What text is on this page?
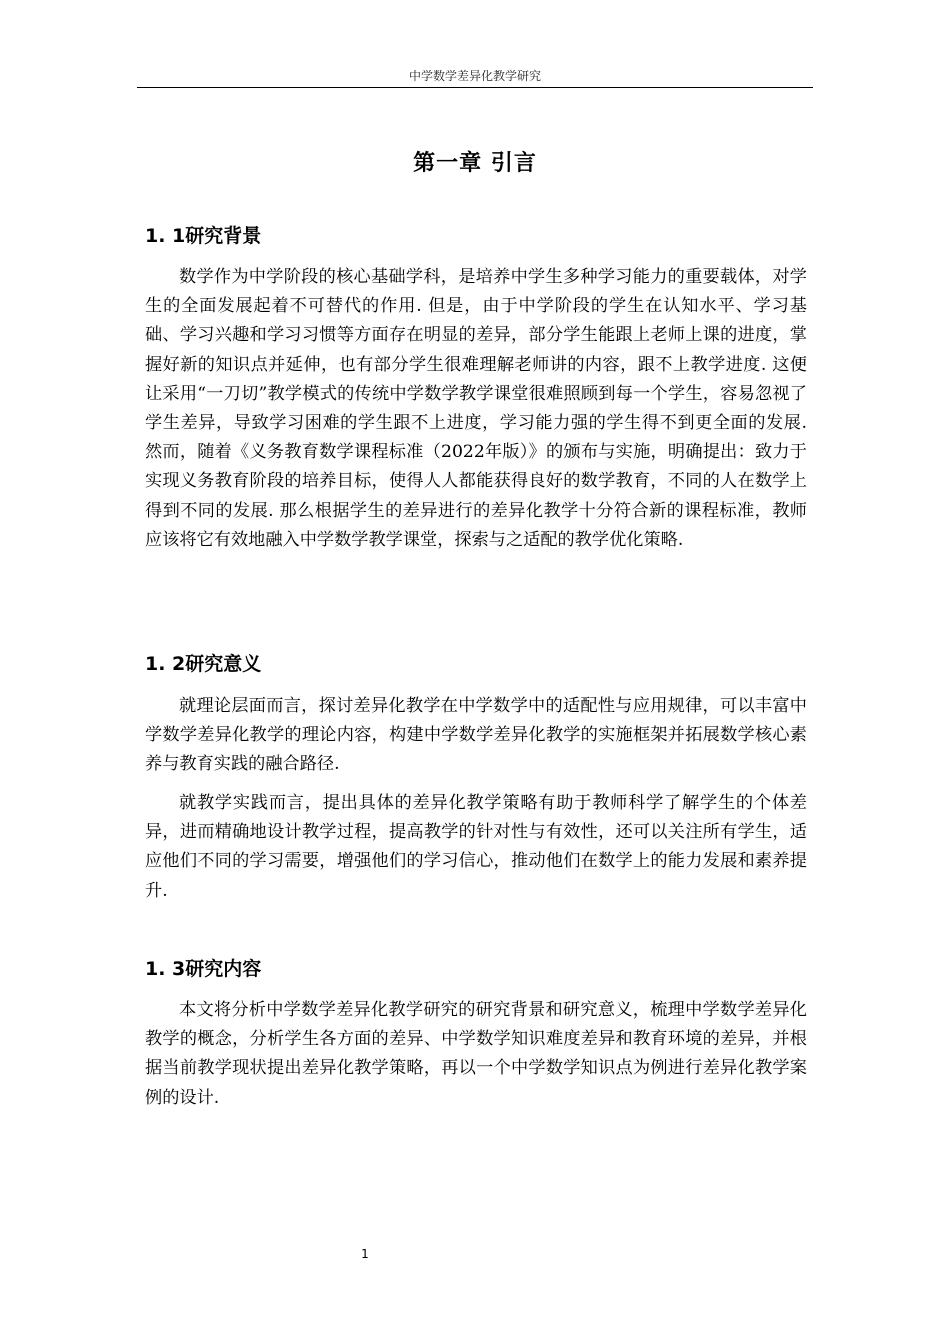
中学数学差异化教学研究
第一章 引言
1. 1研究背景

数学作为中学阶段的核心基础学科，是培养中学生多种学习能力的重要载体，对学生的全面发展起着不可替代的作用. 但是，由于中学阶段的学生在认知水平、学习基础、学习兴趣和学习习惯等方面存在明显的差异，部分学生能跟上老师上课的进度，掌握好新的知识点并延伸，也有部分学生很难理解老师讲的内容，跟不上教学进度. 这便让采用“一刀切”教学模式的传统中学数学教学课堂很难照顾到每一个学生，容易忽视了学生差异，导致学习困难的学生跟不上进度，学习能力强的学生得不到更全面的发展. 然而，随着《义务教育数学课程标准（2022年版）》的颁布与实施，明确提出：致力于实现义务教育阶段的培养目标，使得人人都能获得良好的数学教育，不同的人在数学上得到不同的发展. 那么根据学生的差异进行的差异化教学十分符合新的课程标准，教师应该将它有效地融入中学数学教学课堂，探索与之适配的教学优化策略.

1. 2研究意义

就理论层面而言，探讨差异化教学在中学数学中的适配性与应用规律，可以丰富中学数学差异化教学的理论内容，构建中学数学差异化教学的实施框架并拓展数学核心素养与教育实践的融合路径.

就教学实践而言，提出具体的差异化教学策略有助于教师科学了解学生的个体差异，进而精确地设计教学过程，提高教学的针对性与有效性，还可以关注所有学生，适应他们不同的学习需要，增强他们的学习信心，推动他们在数学上的能力发展和素养提升.

1. 3研究内容

本文将分析中学数学差异化教学研究的研究背景和研究意义，梳理中学数学差异化教学的概念，分析学生各方面的差异、中学数学知识难度差异和教育环境的差异，并根据当前教学现状提出差异化教学策略，再以一个中学数学知识点为例进行差异化教学案例的设计.

1
